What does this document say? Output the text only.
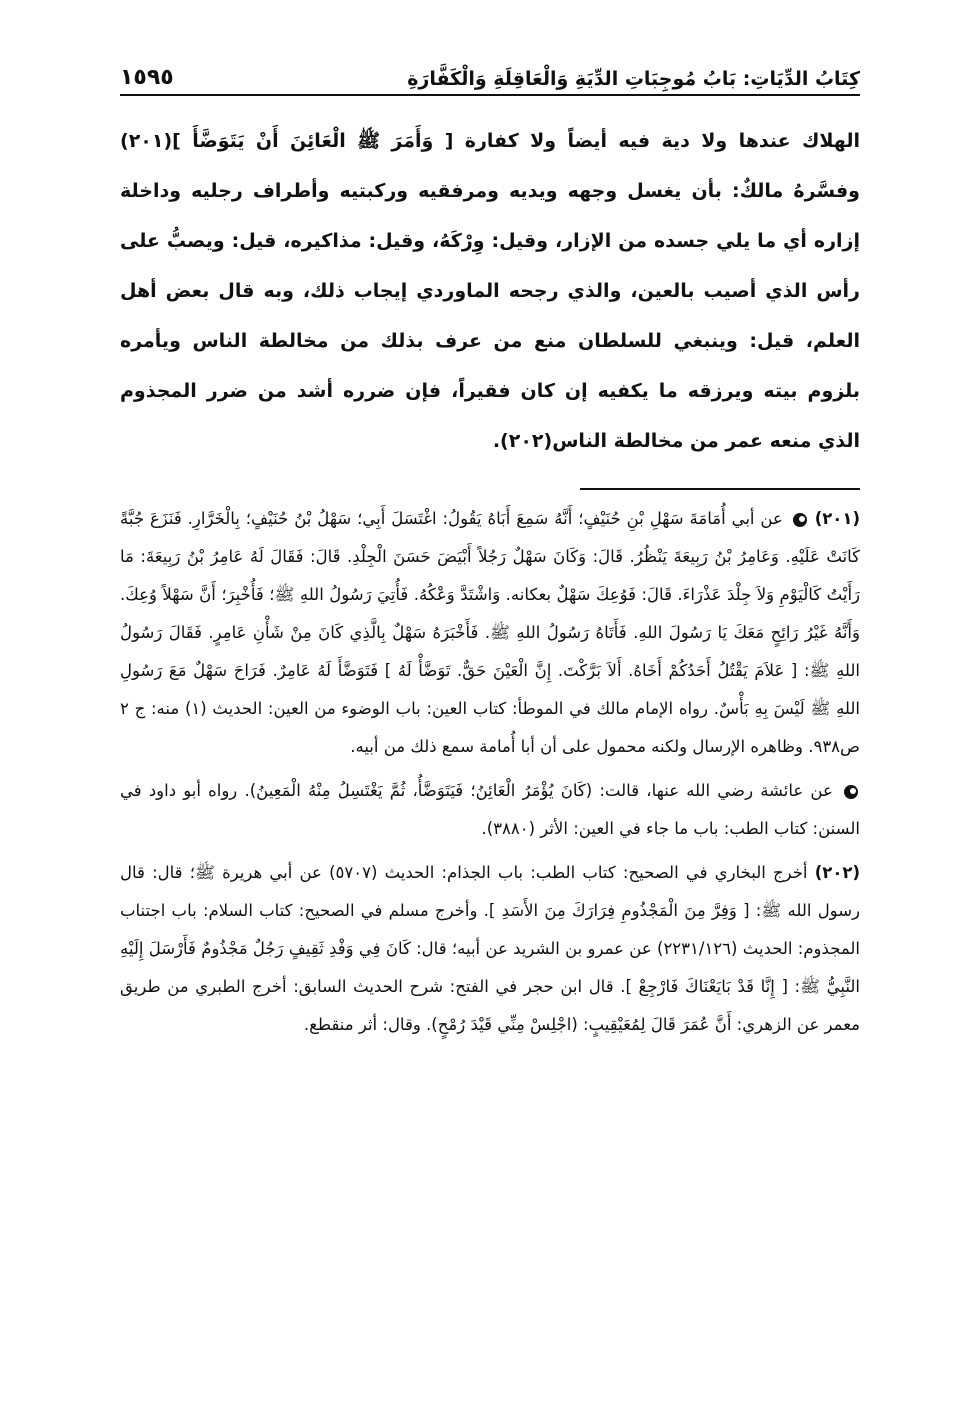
كِتَابُ الدِّيَاتِ: بَابُ مُوجِبَاتِ الدِّيَةِ وَالْعَاقِلَةِ وَالْكَفَّارَةِ
١٥٩٥

الهلاك عندها ولا دية فيه أيضاً ولا كفارة [ وَأَمَرَ ﷺ الْعَائِنَ أَنْ يَتَوَضَّأَ ](٢٠١) وفسَّرهُ مالكٌ: بأن يغسل وجهه ويديه ومرفقيه وركبتيه وأطراف رجليه وداخلة إزاره أي ما يلي جسده من الإزار، وقيل: وِرْكَهُ، وقيل: مذاكيره، قيل: ويصبُّ على رأس الذي أصيب بالعين، والذي رجحه الماوردي إيجاب ذلك، وبه قال بعض أهل العلم، قيل: وينبغي للسلطان منع من عرف بذلك من مخالطة الناس ويأمره بلزوم بيته ويرزقه ما يكفيه إن كان فقيراً، فإن ضرره أشد من ضرر المجذوم الذي منعه عمر من مخالطة الناس(٢٠٢).

(٢٠١)  عن أبي أُمَامَةَ سَهْلِ بْنِ حُنَيْفٍ؛ أَنَّهُ سَمِعَ أَبَاهُ يَقُولُ: اغْتَسَلَ أَبِي؛ سَهْلُ بْنُ حُنَيْفٍ؛ بِالْخَرَّارِ. فَنَزَعَ جُبَّةً كَانَتْ عَلَيْهِ. وَعَامِرُ بْنُ رَبِيعَةَ يَنْظُرُ. قَالَ: وَكَانَ سَهْلٌ رَجُلاً أَبْيَضَ حَسَنَ الْجِلْدِ. قَالَ: فَقَالَ لَهُ عَامِرُ بْنُ رَبِيعَةَ: مَا رَأَيْتُ كَالْيَوْمِ وَلاَ جِلْدَ عَذْرَاءَ. قَالَ: فَوُعِكَ سَهْلٌ بعكانه. وَاشْتَدَّ وَعْكُهُ. فَأُتِيَ رَسُولُ اللهِ ﷺ؛ فَأُخْبِرَ؛ أَنَّ سَهْلاً وُعِكَ. وَأَنَّهُ غَيْرُ رَائِحٍ مَعَكَ يَا رَسُولَ اللهِ. فَأَتَاهُ رَسُولُ اللهِ ﷺ. فَأَخْبَرَهُ سَهْلٌ بِالَّذِي كَانَ مِنْ شَأْنِ عَامِرٍ. فَقَالَ رَسُولُ اللهِ ﷺ: [ عَلاَمَ يَقْتُلُ أَحَدُكُمْ أَخَاهُ. أَلاَ بَرَّكْتَ. إِنَّ الْعَيْنَ حَقٌّ. تَوَضَّأْ لَهُ ] فَتَوَضَّأَ لَهُ عَامِرٌ. فَرَاحَ سَهْلٌ مَعَ رَسُولِ اللهِ ﷺ لَيْسَ بِهِ بَأْسٌ. رواه الإمام مالك في الموطأ: كتاب العين: باب الوضوء من العين: الحديث (١) منه: ج ٢ ص٩٣٨. وظاهره الإرسال ولكنه محمول على أن أبا أُمامة سمع ذلك من أبيه.

عن عائشة رضي الله عنها، قالت: (كَانَ يُؤْمَرُ الْعَائِنُ؛ فَيَتَوَضَّأُ، ثُمَّ يَغْتَسِلُ مِنْهُ الْمَعِينُ). رواه أبو داود في السنن: كتاب الطب: باب ما جاء في العين: الأثر (٣٨٨٠).

(٢٠٢) أخرج البخاري في الصحيح: كتاب الطب: باب الجذام: الحديث (٥٧٠٧) عن أبي هريرة ﷺ؛ قال: قال رسول الله ﷺ: [ وَفِرَّ مِنَ الْمَجْذُومِ فِرَارَكَ مِنَ الأَسَدِ ]. وأخرج مسلم في الصحيح: كتاب السلام: باب اجتناب المجذوم: الحديث (٢٢٣١/١٢٦) عن عمرو بن الشريد عن أبيه؛ قال: كَانَ فِي وَفْدِ ثَقِيفٍ رَجُلٌ مَجْذُومٌ فَأَرْسَلَ إِلَيْهِ النَّبِيُّ ﷺ: [ إِنَّا قَدْ بَايَعْنَاكَ فَارْجِعْ ]. قال ابن حجر في الفتح: شرح الحديث السابق: أخرج الطبري من طريق معمر عن الزهري: أَنَّ عُمَرَ قَالَ لِمُعَيْقِيبٍ: (اجْلِسْ مِنِّي قَيْدَ رُمْحٍ). وقال: أثر منقطع.
